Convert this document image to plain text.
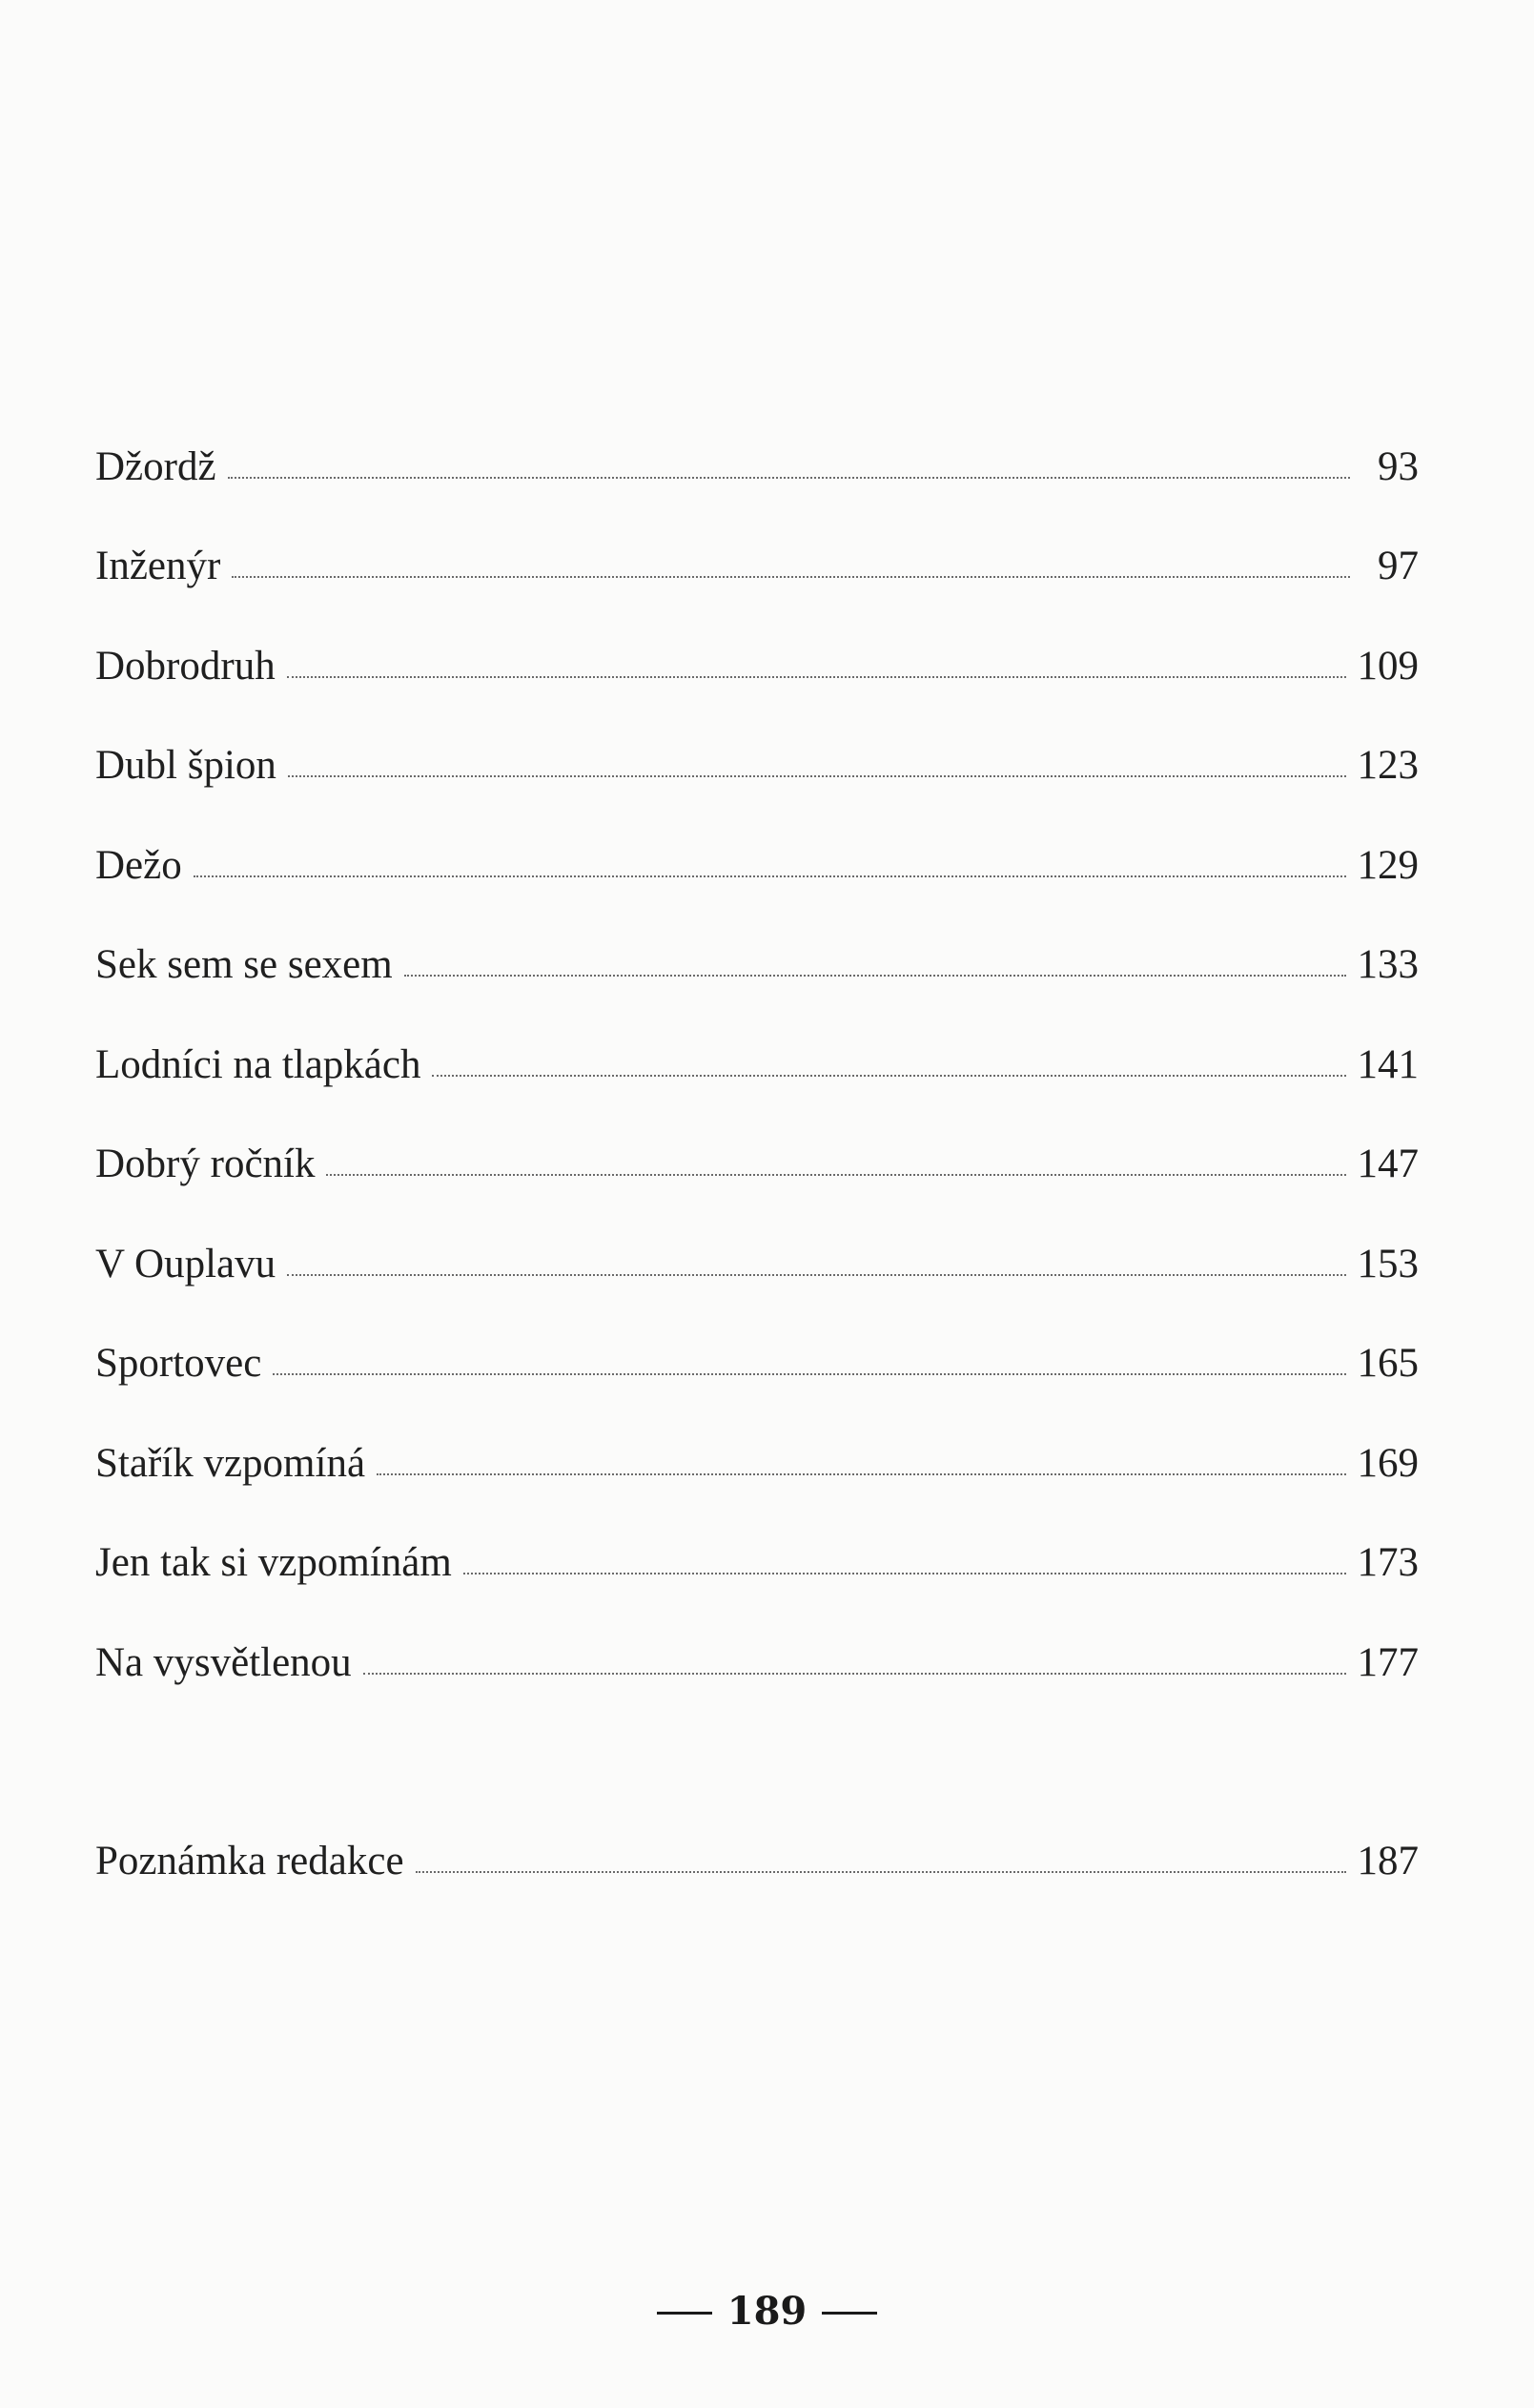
Džordž	93
Inženýr	97
Dobrodruh	109
Dubl špion	123
Dežo	129
Sek sem se sexem	133
Lodníci na tlapkách	141
Dobrý ročník	147
V Ouplavu	153
Sportovec	165
Stařík vzpomíná	169
Jen tak si vzpomínám	173
Na vysvětlenou	177
Poznámka redakce	187
189
